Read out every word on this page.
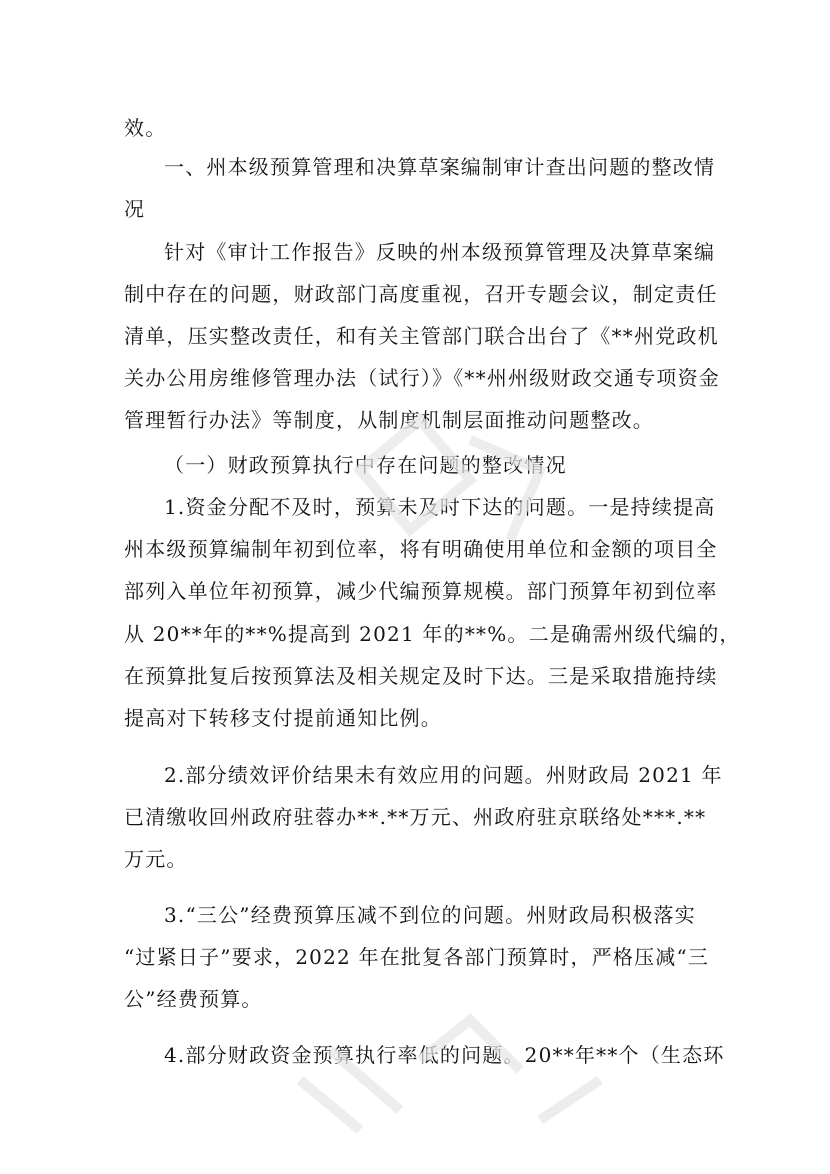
效。
一、州本级预算管理和决算草案编制审计查出问题的整改情
况
针对《审计工作报告》反映的州本级预算管理及决算草案编
制中存在的问题，财政部门高度重视，召开专题会议，制定责任
清单，压实整改责任，和有关主管部门联合出台了《**州党政机
关办公用房维修管理办法（试行）》《**州州级财政交通专项资金
管理暂行办法》等制度，从制度机制层面推动问题整改。
（一）财政预算执行中存在问题的整改情况
1.资金分配不及时，预算未及时下达的问题。一是持续提高
州本级预算编制年初到位率，将有明确使用单位和金额的项目全
部列入单位年初预算，减少代编预算规模。部门预算年初到位率
从 20**年的**%提高到 2021 年的**%。二是确需州级代编的，
在预算批复后按预算法及相关规定及时下达。三是采取措施持续
提高对下转移支付提前通知比例。
2.部分绩效评价结果未有效应用的问题。州财政局 2021 年
已清缴收回州政府驻蓉办**.**万元、州政府驻京联络处***.**
万元。
3.“三公”经费预算压减不到位的问题。州财政局积极落实
“过紧日子”要求，2022 年在批复各部门预算时，严格压减“三
公”经费预算。
4.部分财政资金预算执行率低的问题。20**年**个（生态环
